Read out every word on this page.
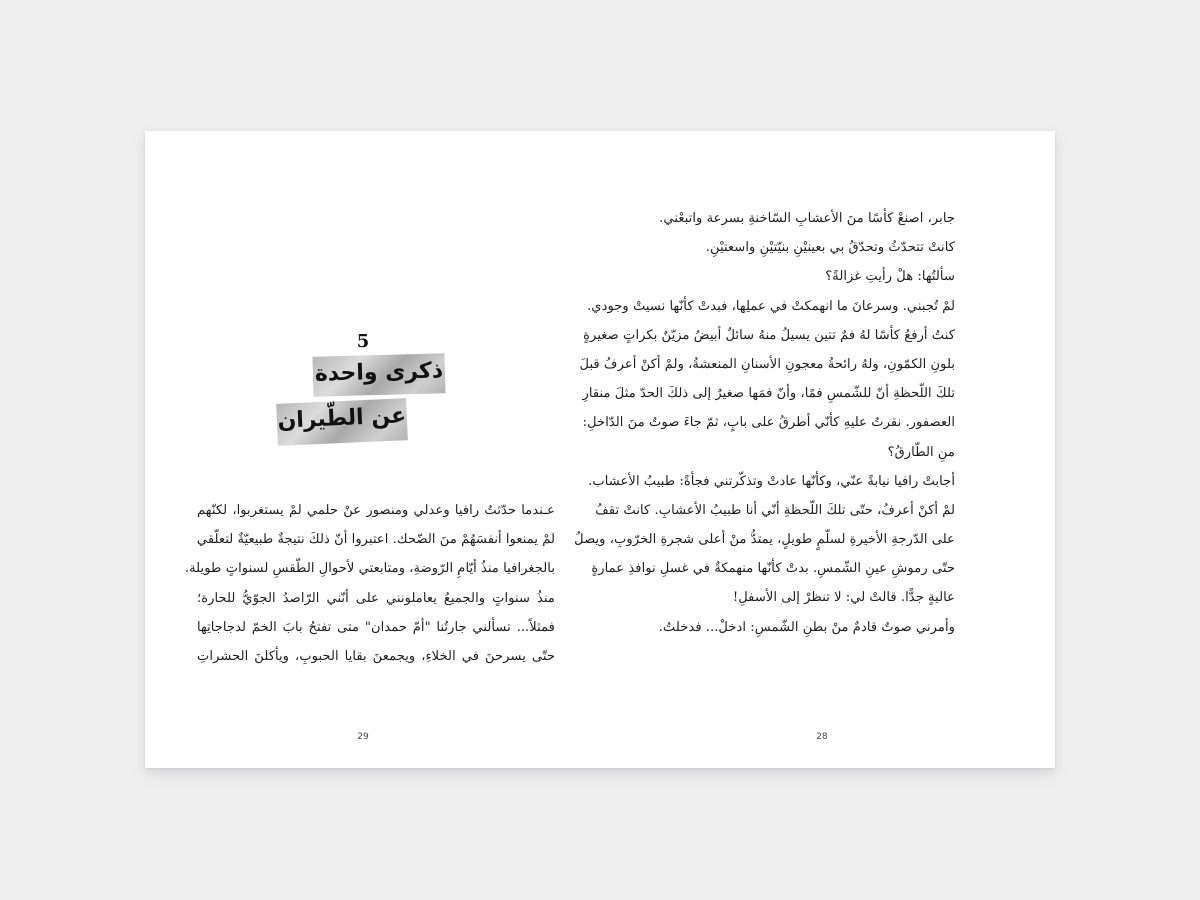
5
ذكرى واحدة
عن الطّيران
عـندما حدّثتُ رافيا وعدلي ومنصور عنْ حلمي لمْ يستغربوا، لكنّهم
لمْ يمنعوا أنفسَهُمْ منَ الضّحك. اعتبروا أنّ ذلكَ نتيجةٌ طبيعيّةٌ لتعلّقي
بالجغرافيا منذُ أيّامِ الرّوضةِ، ومتابعتي لأحوالِ الطّقسِ لسنواتٍ طويلة.
منذُ سنواتٍ والجميعُ يعاملونني على أنّني الرّاصدُ الجوّيُّ للحارة؛
فمثلاً... تسألني جارتُنا "أمّ حمدان" متى تفتحُ بابَ الخمّ لدجاجاتِها
حتّى يسرحنَ في الخلاءِ، ويجمعنَ بقايا الحبوبِ، ويأكلنَ الحشراتِ
29
جابر، اصنعْ كأسًا منَ الأعشابِ السّاخنةِ بسرعة واتبعْني.
كانتْ تتحدّثُ وتحدّقُ بي بعينيْنِ بنيّتيْنِ واسعتيْنِ.
سألتُها: هلْ رأيتِ غزالةً؟
لمْ تُجبني. وسرعانَ ما انهمكتْ في عملِها، فبدتْ كأنّها نسيتْ وجودي.
كنتُ أرفعُ كأسًا لهُ فمٌ تتين يسيلُ منهُ سائلٌ أبيضُ مزيّنٌ بكراتٍ صغيرةٍ
بلونِ الكمّونِ، ولهُ رائحةُ معجونِ الأسنانِ المنعشةُ، ولمْ أكنْ أعرفُ قبلَ
تلكَ اللّحظةِ أنّ للشّمسِ فمًا، وأنّ فمَها صغيرٌ إلى ذلكَ الحدّ مثلَ منقارِ
العصفور. نقرتُ عليهِ كأنّي أطرقُ على بابٍ، ثمّ جاءَ صوتٌ منَ الدّاخلِ:
منِ الطّارقُ؟
أجابتْ رافيا نيابةً عنّي، وكأنّها عادتْ وتذكّرتني فجأةً: طبيبُ الأعشاب.
لمْ أكنْ أعرفُ، حتّى تلكَ اللّحظةِ أنّي أنا طبيبُ الأعشابِ. كانتْ تقفُ
على الدّرجةِ الأخيرةِ لسلّمٍ طويلٍ، يمتدُّ منْ أعلى شجرةِ الخرّوبِ، ويصلُ
حتّى رموشِ عينِ الشّمسِ. بدتْ كأنّها منهمكةٌ في غسلِ نوافذِ عمارةٍ
عاليةٍ جدًّا. قالتْ لي: لا تنظرْ إلى الأسفلِ!
وأمرني صوتٌ قادمٌ منْ بطنِ الشّمسِ: ادخلْ... فدخلتُ.
28
